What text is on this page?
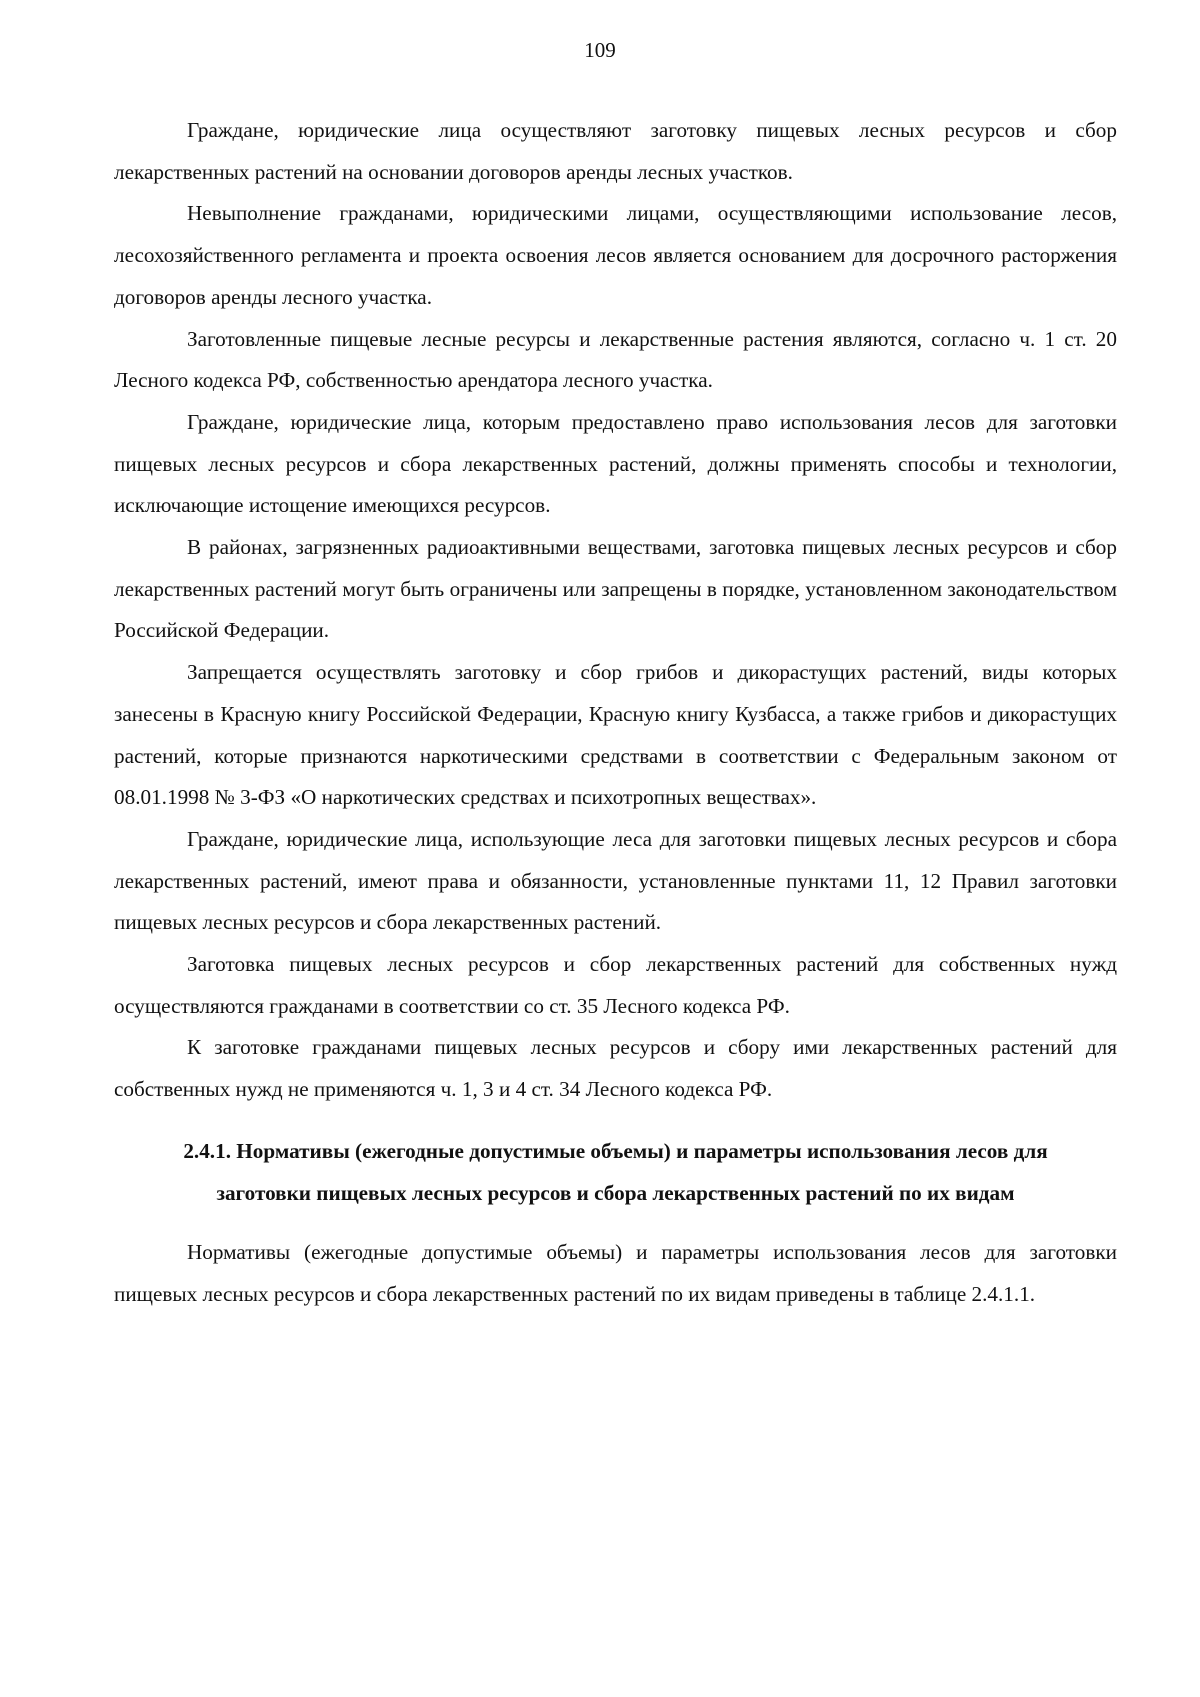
109

Граждане, юридические лица осуществляют заготовку пищевых лесных ресурсов и сбор лекарственных растений на основании договоров аренды лесных участков.

Невыполнение гражданами, юридическими лицами, осуществляющими использование лесов, лесохозяйственного регламента и проекта освоения лесов является основанием для досрочного расторжения договоров аренды лесного участка.

Заготовленные пищевые лесные ресурсы и лекарственные растения являются, согласно ч. 1 ст. 20 Лесного кодекса РФ, собственностью арендатора лесного участка.

Граждане, юридические лица, которым предоставлено право использования лесов для заготовки пищевых лесных ресурсов и сбора лекарственных растений, должны применять способы и технологии, исключающие истощение имеющихся ресурсов.

В районах, загрязненных радиоактивными веществами, заготовка пищевых лесных ресурсов и сбор лекарственных растений могут быть ограничены или запрещены в порядке, установленном законодательством Российской Федерации.

Запрещается осуществлять заготовку и сбор грибов и дикорастущих растений, виды которых занесены в Красную книгу Российской Федерации, Красную книгу Кузбасса, а также грибов и дикорастущих растений, которые признаются наркотическими средствами в соответствии с Федеральным законом от 08.01.1998 № 3-ФЗ «О наркотических средствах и психотропных веществах».

Граждане, юридические лица, использующие леса для заготовки пищевых лесных ресурсов и сбора лекарственных растений, имеют права и обязанности, установленные пунктами 11, 12 Правил заготовки пищевых лесных ресурсов и сбора лекарственных растений.

Заготовка пищевых лесных ресурсов и сбор лекарственных растений для собственных нужд осуществляются гражданами в соответствии со ст. 35 Лесного кодекса РФ.

К заготовке гражданами пищевых лесных ресурсов и сбору ими лекарственных растений для собственных нужд не применяются ч. 1, 3 и 4 ст. 34 Лесного кодекса РФ.

2.4.1. Нормативы (ежегодные допустимые объемы) и параметры использования лесов для заготовки пищевых лесных ресурсов и сбора лекарственных растений по их видам

Нормативы (ежегодные допустимые объемы) и параметры использования лесов для заготовки пищевых лесных ресурсов и сбора лекарственных растений по их видам приведены в таблице 2.4.1.1.
